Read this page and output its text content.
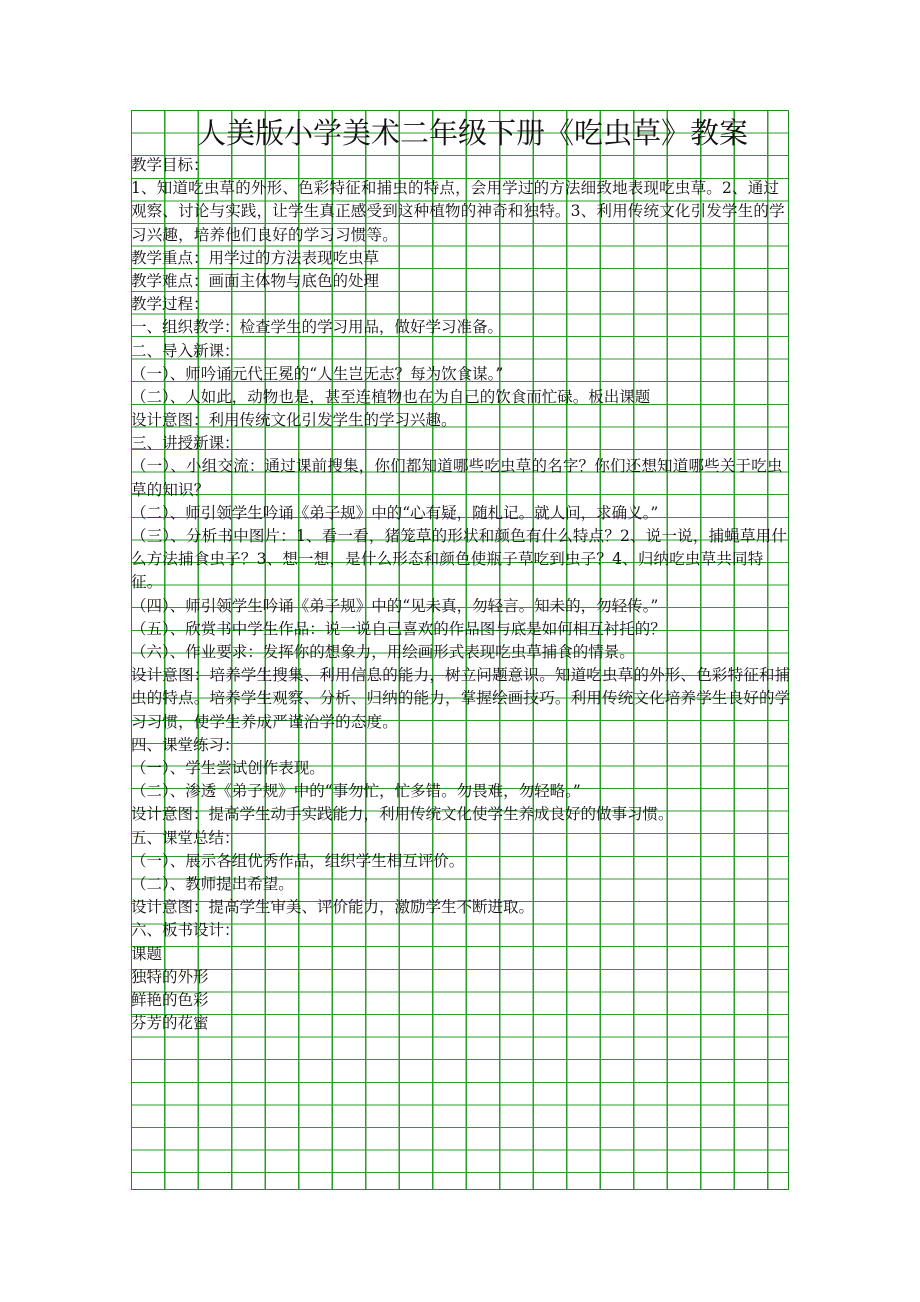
人美版小学美术二年级下册《吃虫草》教案
教学目标：
1、知道吃虫草的外形、色彩特征和捕虫的特点，会用学过的方法细致地表现吃虫草。2、通过观察、讨论与实践，让学生真正感受到这种植物的神奇和独特。3、利用传统文化引发学生的学习兴趣，培养他们良好的学习习惯等。
教学重点：用学过的方法表现吃虫草
教学难点：画面主体物与底色的处理
教学过程：
一、组织教学：检查学生的学习用品，做好学习准备。
二、导入新课：
（一）、师吟诵元代王冕的“人生岂无志？每为饮食谋。”
（二）、人如此，动物也是，甚至连植物也在为自己的饮食而忙碌。板出课题
设计意图：利用传统文化引发学生的学习兴趣。
三、讲授新课：
（一）、小组交流：通过课前搜集，你们都知道哪些吃虫草的名字？你们还想知道哪些关于吃虫草的知识？
（二）、师引领学生吟诵《弟子规》中的“心有疑，随札记。就人问，求确义。”
（三）、分析书中图片：1、看一看，猪笼草的形状和颜色有什么特点？2、说一说，捕蝇草用什么方法捕食虫子？3、想一想，是什么形态和颜色使瓶子草吃到虫子？4、归纳吃虫草共同特征。
（四）、师引领学生吟诵《弟子规》中的“见未真，勿轻言。知未的，勿轻传。”
（五）、欣赏书中学生作品：说一说自己喜欢的作品图与底是如何相互衬托的？
（六）、作业要求：发挥你的想象力，用绘画形式表现吃虫草捕食的情景。
设计意图：培养学生搜集、利用信息的能力，树立问题意识。知道吃虫草的外形、色彩特征和捕虫的特点。培养学生观察、分析、归纳的能力，掌握绘画技巧。利用传统文化培养学生良好的学习习惯，使学生养成严谨治学的态度。
四、课堂练习：
（一）、学生尝试创作表现。
（二）、渗透《弟子规》中的“事勿忙，忙多错。勿畏难，勿轻略。”
设计意图：提高学生动手实践能力，利用传统文化使学生养成良好的做事习惯。
五、课堂总结：
（一）、展示各组优秀作品，组织学生相互评价。
（二）、教师提出希望。
设计意图：提高学生审美、评价能力，激励学生不断进取。
六、板书设计：
课题
独特的外形
鲜艳的色彩
芬芳的花蜜
